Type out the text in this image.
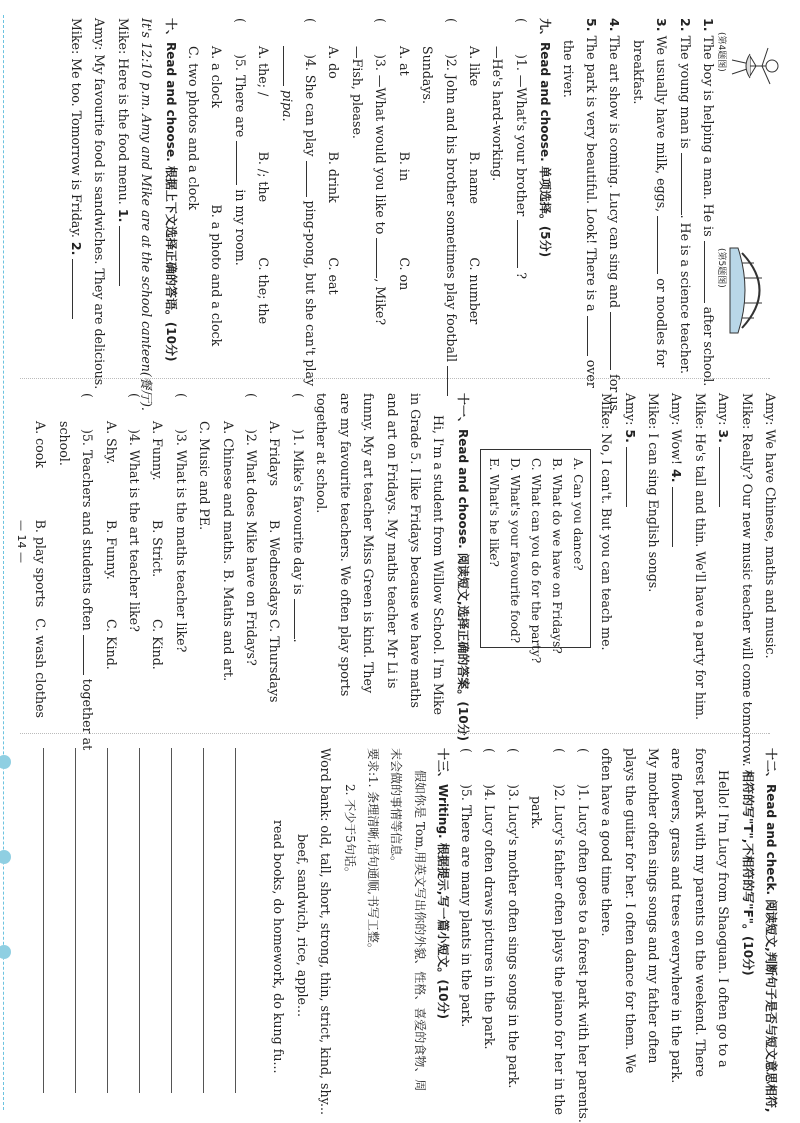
(第4题图)
(第5题图)
1. The boy is helping a man. He is  after school.
2. The young man is . He is a science teacher.
3. We usually have milk, eggs,  or noodles for
breakfast.
4. The art show is coming. Lucy can sing and  for us.
5. The park is very beautiful. Look! There is a  over
the river.
九、Read and choose. 单项选择。(5分)
(
)1. —What's your brother  ?
—He's hard-working.
A. like
B. name
C. number
(
)2. John and his brother sometimes play football
Sundays.
A. at
B. in
C. on
(
)3. —What would you like to , Mike?
—Fish, please.
A. do
B. drink
C. eat
(
)4. She can play  ping-pong, but she can't play
pipa.
A. the; /
B. /; the
C. the; the
(
)5. There are  in my room.
A. a clock
B. a photo and a clock
C. two photos and a clock
十、Read and choose. 根据上下文选择正确的答语。(10分)
It's 12:10 p.m. Amy and Mike are at the school canteen(餐厅).
Mike: Here is the food menu. 1.
Amy: My favourite food is sandwiches. They are delicious.
Mike: Me too. Tomorrow is Friday. 2.
Amy: We have Chinese, maths and music.
Mike: Really? Our new music teacher will come tomorrow.
Amy: 3.
Mike: He's tall and thin. We'll have a party for him.
Amy: Wow! 4.
Mike: I can sing English songs.
Amy: 5.
Mike: No, I can't. But you can teach me.
A. Can you dance?
B. What do we have on Fridays?
C. What can you do for the party?
D. What's your favourite food?
E. What's he like?
十一、Read and choose. 阅读短文,选择正确的答案。(10分)
Hi, I'm a student from Willow School. I'm Mike in Grade 5. I like Fridays because we have maths and art on Fridays. My maths teacher Mr Li is funny. My art teacher Miss Green is kind. They are my favourite teachers. We often play sports together at school.
(
)1. Mike's favourite day is .
A. Fridays
B. Wednesdays
C. Thursdays
(
)2. What does Mike have on Fridays?
A. Chinese and maths.
B. Maths and art.
C. Music and PE.
(
)3. What is the maths teacher like?
A. Funny.
B. Strict.
C. Kind.
(
)4. What is the art teacher like?
A. Shy.
B. Funny.
C. Kind.
(
)5. Teachers and students often  together at
school.
A. cook
B. play sports
C. wash clothes
十二、Read and check. 阅读短文,判断句子是否与短文意思相符,
相符的写"T",不相符的写"F"。(10分)
Hello! I'm Lucy from Shaoguan. I often go to a forest park with my parents on the weekend. There are flowers, grass and trees everywhere in the park. My mother often sings songs and my father often plays the guitar for her. I often dance for them. We often have a good time there.
(
)1. Lucy often goes to a forest park with her parents.
(
)2. Lucy's father often plays the piano for her in the
park.
(
)3. Lucy's mother often sings songs in the park.
(
)4. Lucy often draws pictures in the park.
(
)5. There are many plants in the park.
十三、Writing. 根据提示,写一篇小短文。(10分)
假如你是 Tom,用英文写出你的外貌、性格、喜爱的食物、周末会做的事情等信息。
要求:1. 条理清晰,语句通顺,书写工整。
2. 不少于5句话。
Word bank: old, tall, short, strong, thin, strict, kind, shy...
beef, sandwich, rice, apple...
read books, do homework, do kung fu...
— 14 —
